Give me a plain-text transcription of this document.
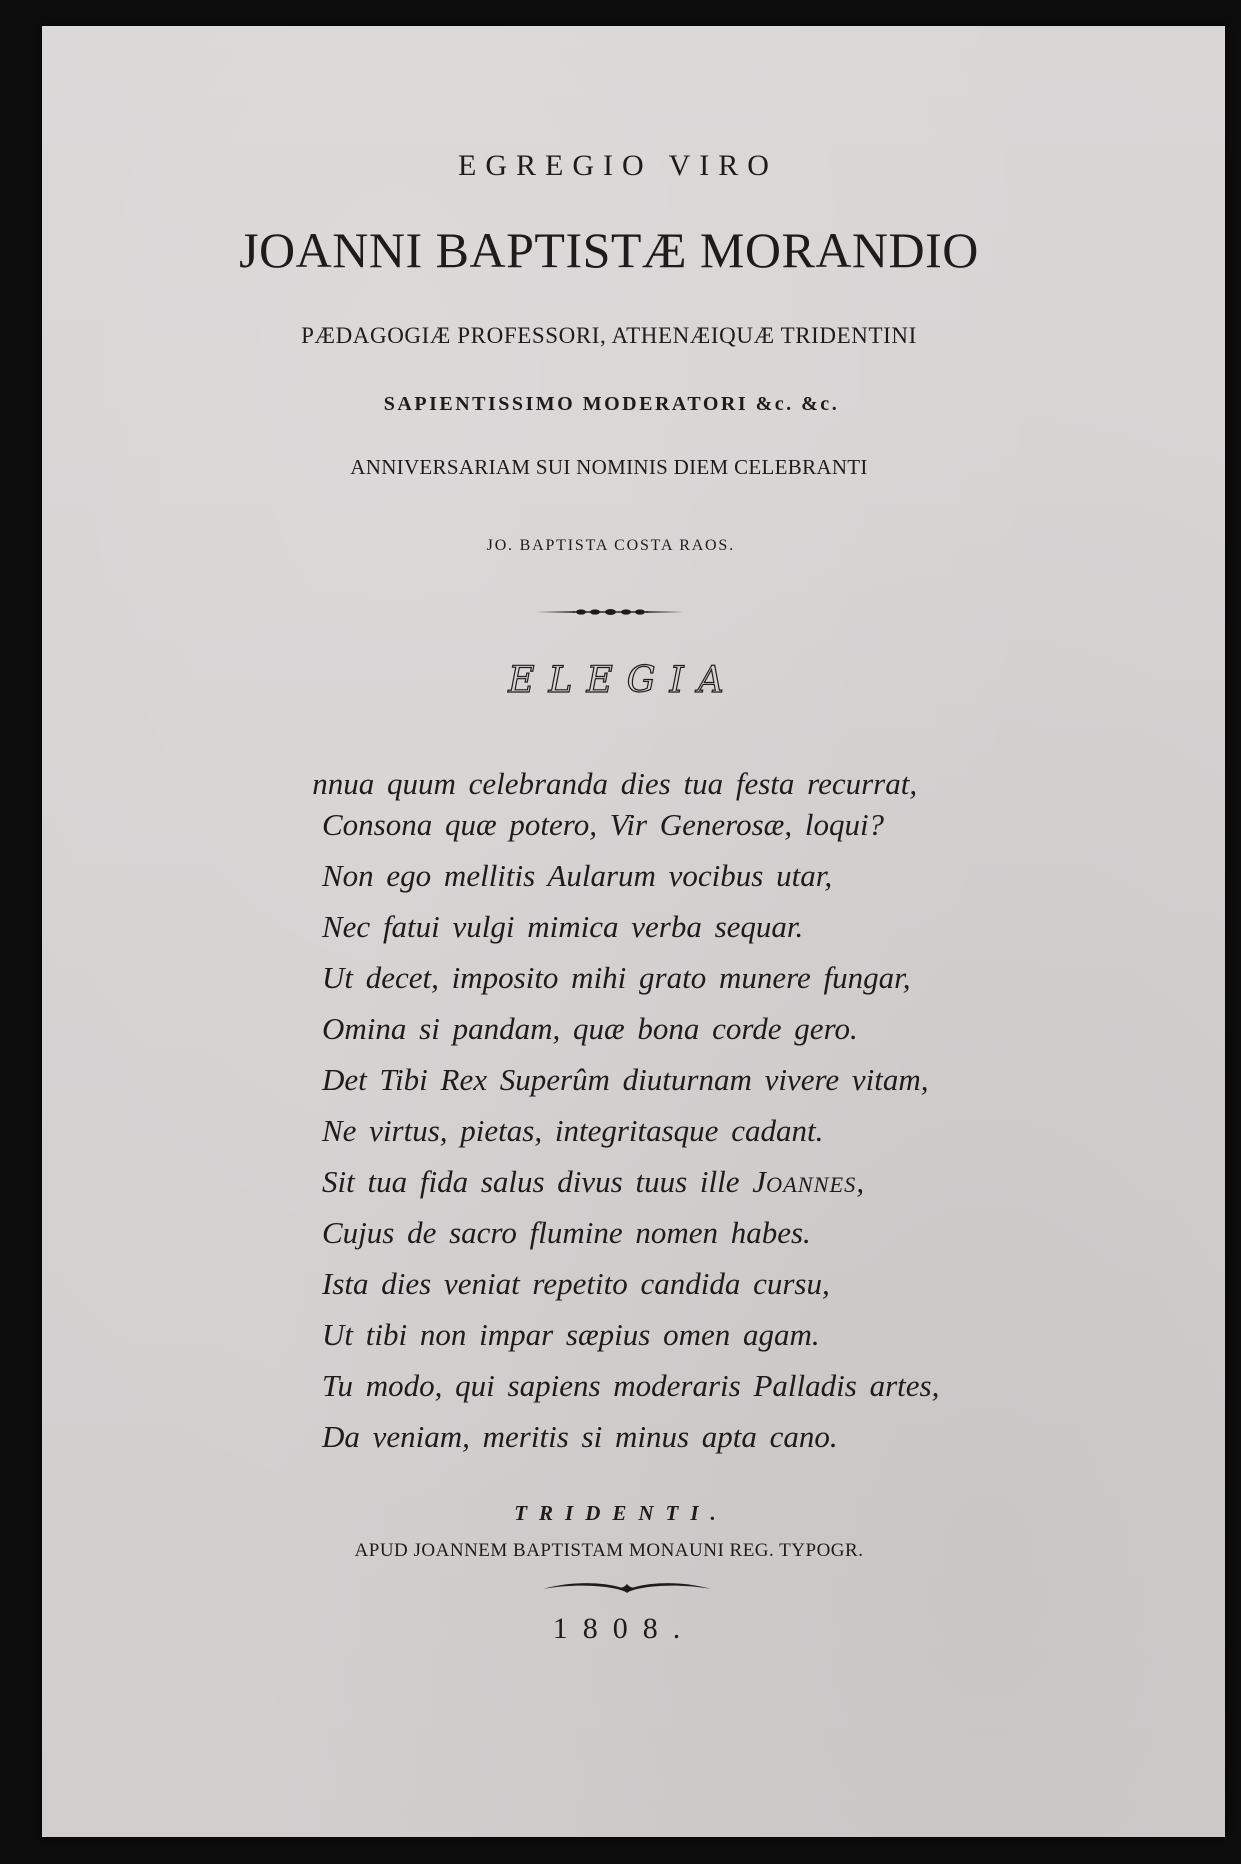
EGREGIO VIRO
JOANNI BAPTISTÆ MORANDIO
PÆDAGOGIÆ PROFESSORI, ATHENÆIQUÆ TRIDENTINI
SAPIENTISSIMO MODERATORI &c. &c.
ANNIVERSARIAM SUI NOMINIS DIEM CELEBRANTI
JO. BAPTISTA COSTA RAOS.
ELEGIA
Annua quum celebranda dies tua festa recurrat,
Consona quæ potero, Vir Generosæ, loqui?
Non ego mellitis Aularum vocibus utar,
Nec fatui vulgi mimica verba sequar.
Ut decet, imposito mihi grato munere fungar,
Omina si pandam, quæ bona corde gero.
Det Tibi Rex Superûm diuturnam vivere vitam,
Ne virtus, pietas, integritasque cadant.
Sit tua fida salus divus tuus ille JOANNES,
Cujus de sacro flumine nomen habes.
Ista dies veniat repetito candida cursu,
Ut tibi non impar sæpius omen agam.
Tu modo, qui sapiens moderaris Palladis artes,
Da veniam, meritis si minus apta cano.
TRIDENTI.
APUD JOANNEM BAPTISTAM MONAUNI REG. TYPOGR.
1808.
